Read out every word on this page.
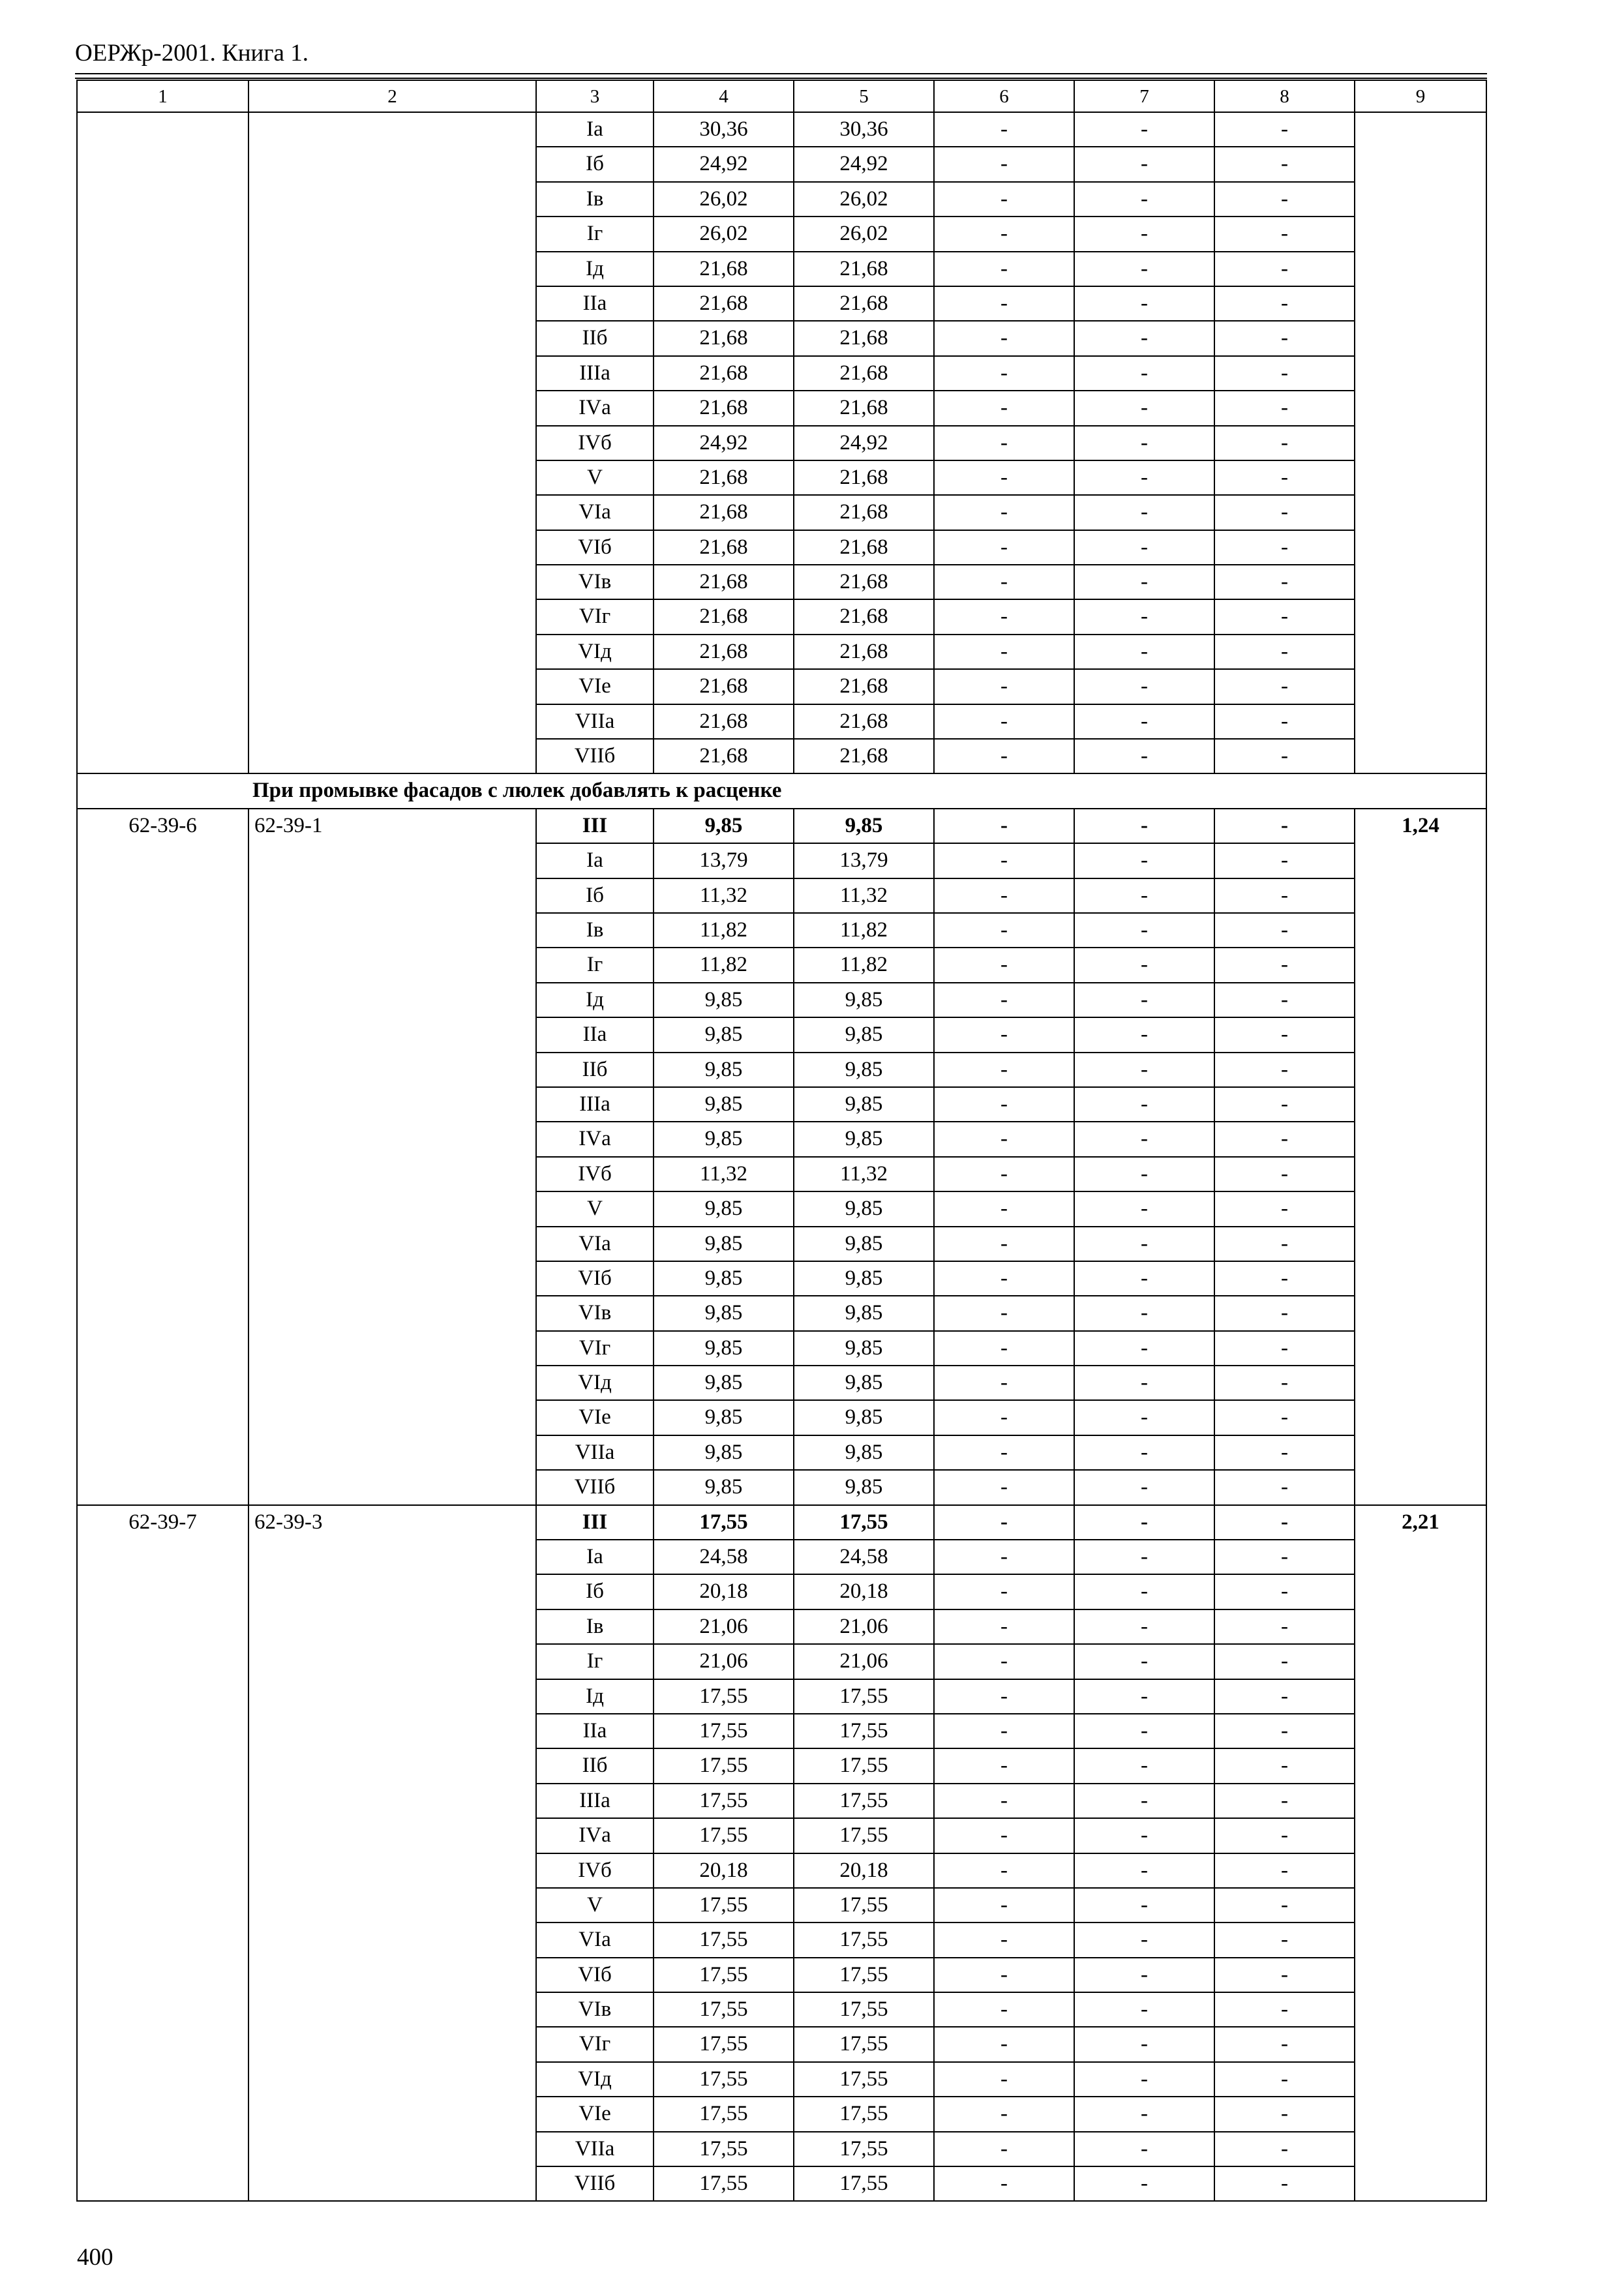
ОЕРЖр-2001. Книга 1.
1	2	3	4	5	6	7	8	9
		Iа	30,36	30,36	-	-	-	
		Iб	24,92	24,92	-	-	-	
		Iв	26,02	26,02	-	-	-	
		Iг	26,02	26,02	-	-	-	
		Iд	21,68	21,68	-	-	-	
		IIа	21,68	21,68	-	-	-	
		IIб	21,68	21,68	-	-	-	
		IIIа	21,68	21,68	-	-	-	
		IVа	21,68	21,68	-	-	-	
		IVб	24,92	24,92	-	-	-	
		V	21,68	21,68	-	-	-	
		VIа	21,68	21,68	-	-	-	
		VIб	21,68	21,68	-	-	-	
		VIв	21,68	21,68	-	-	-	
		VIг	21,68	21,68	-	-	-	
		VIд	21,68	21,68	-	-	-	
		VIе	21,68	21,68	-	-	-	
		VIIа	21,68	21,68	-	-	-	
		VIIб	21,68	21,68	-	-	-	
При промывке фасадов с люлек добавлять к расценке								
62-39-6	62-39-1	III	9,85	9,85	-	-	-	1,24
		Iа	13,79	13,79	-	-	-	
		Iб	11,32	11,32	-	-	-	
		Iв	11,82	11,82	-	-	-	
		Iг	11,82	11,82	-	-	-	
		Iд	9,85	9,85	-	-	-	
		IIа	9,85	9,85	-	-	-	
		IIб	9,85	9,85	-	-	-	
		IIIа	9,85	9,85	-	-	-	
		IVа	9,85	9,85	-	-	-	
		IVб	11,32	11,32	-	-	-	
		V	9,85	9,85	-	-	-	
		VIа	9,85	9,85	-	-	-	
		VIб	9,85	9,85	-	-	-	
		VIв	9,85	9,85	-	-	-	
		VIг	9,85	9,85	-	-	-	
		VIд	9,85	9,85	-	-	-	
		VIе	9,85	9,85	-	-	-	
		VIIа	9,85	9,85	-	-	-	
		VIIб	9,85	9,85	-	-	-	
62-39-7	62-39-3	III	17,55	17,55	-	-	-	2,21
		Iа	24,58	24,58	-	-	-	
		Iб	20,18	20,18	-	-	-	
		Iв	21,06	21,06	-	-	-	
		Iг	21,06	21,06	-	-	-	
		Iд	17,55	17,55	-	-	-	
		IIа	17,55	17,55	-	-	-	
		IIб	17,55	17,55	-	-	-	
		IIIа	17,55	17,55	-	-	-	
		IVа	17,55	17,55	-	-	-	
		IVб	20,18	20,18	-	-	-	
		V	17,55	17,55	-	-	-	
		VIа	17,55	17,55	-	-	-	
		VIб	17,55	17,55	-	-	-	
		VIв	17,55	17,55	-	-	-	
		VIг	17,55	17,55	-	-	-	
		VIд	17,55	17,55	-	-	-	
		VIе	17,55	17,55	-	-	-	
		VIIа	17,55	17,55	-	-	-	
		VIIб	17,55	17,55	-	-	-	
400
